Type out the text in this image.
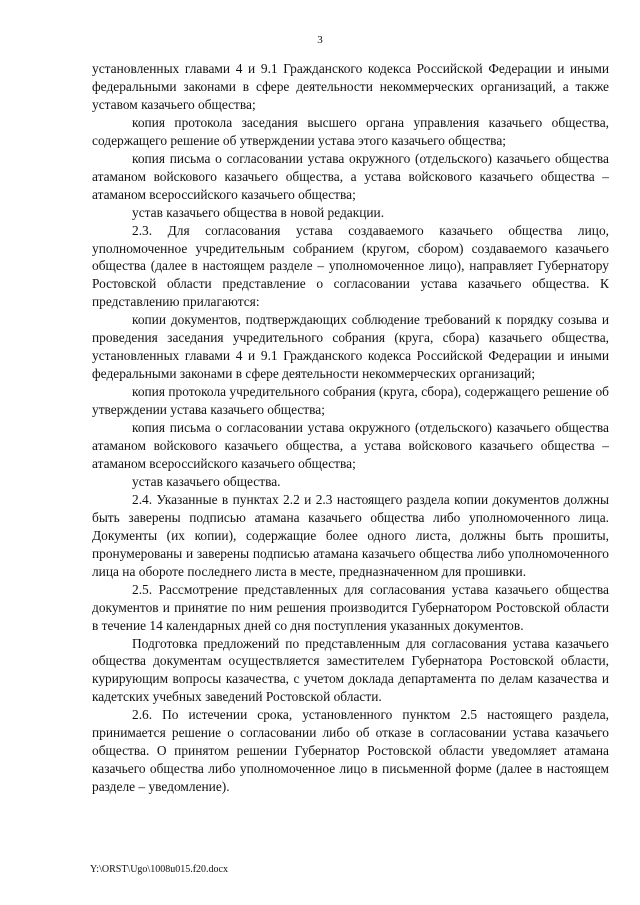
3

установленных главами 4 и 9.1 Гражданского кодекса Российской Федерации и иными федеральными законами в сфере деятельности некоммерческих организаций, а также уставом казачьего общества;

копия протокола заседания высшего органа управления казачьего общества, содержащего решение об утверждении устава этого казачьего общества;

копия письма о согласовании устава окружного (отдельского) казачьего общества атаманом войскового казачьего общества, а устава войскового казачьего общества – атаманом всероссийского казачьего общества;

устав казачьего общества в новой редакции.

2.3. Для согласования устава создаваемого казачьего общества лицо, уполномоченное учредительным собранием (кругом, сбором) создаваемого казачьего общества (далее в настоящем разделе – уполномоченное лицо), направляет Губернатору Ростовской области представление о согласовании устава казачьего общества. К представлению прилагаются:

копии документов, подтверждающих соблюдение требований к порядку созыва и проведения заседания учредительного собрания (круга, сбора) казачьего общества, установленных главами 4 и 9.1 Гражданского кодекса Российской Федерации и иными федеральными законами в сфере деятельности некоммерческих организаций;

копия протокола учредительного собрания (круга, сбора), содержащего решение об утверждении устава казачьего общества;

копия письма о согласовании устава окружного (отдельского) казачьего общества атаманом войскового казачьего общества, а устава войскового казачьего общества – атаманом всероссийского казачьего общества;

устав казачьего общества.

2.4. Указанные в пунктах 2.2 и 2.3 настоящего раздела копии документов должны быть заверены подписью атамана казачьего общества либо уполномоченного лица. Документы (их копии), содержащие более одного листа, должны быть прошиты, пронумерованы и заверены подписью атамана казачьего общества либо уполномоченного лица на обороте последнего листа в месте, предназначенном для прошивки.

2.5. Рассмотрение представленных для согласования устава казачьего общества документов и принятие по ним решения производится Губернатором Ростовской области в течение 14 календарных дней со дня поступления указанных документов.

Подготовка предложений по представленным для согласования устава казачьего общества документам осуществляется заместителем Губернатора Ростовской области, курирующим вопросы казачества, с учетом доклада департамента по делам казачества и кадетских учебных заведений Ростовской области.

2.6. По истечении срока, установленного пунктом 2.5 настоящего раздела, принимается решение о согласовании либо об отказе в согласовании устава казачьего общества. О принятом решении Губернатор Ростовской области уведомляет атамана казачьего общества либо уполномоченное лицо в письменной форме (далее в настоящем разделе – уведомление).

Y:\ORST\Ugo\1008u015.f20.docx
